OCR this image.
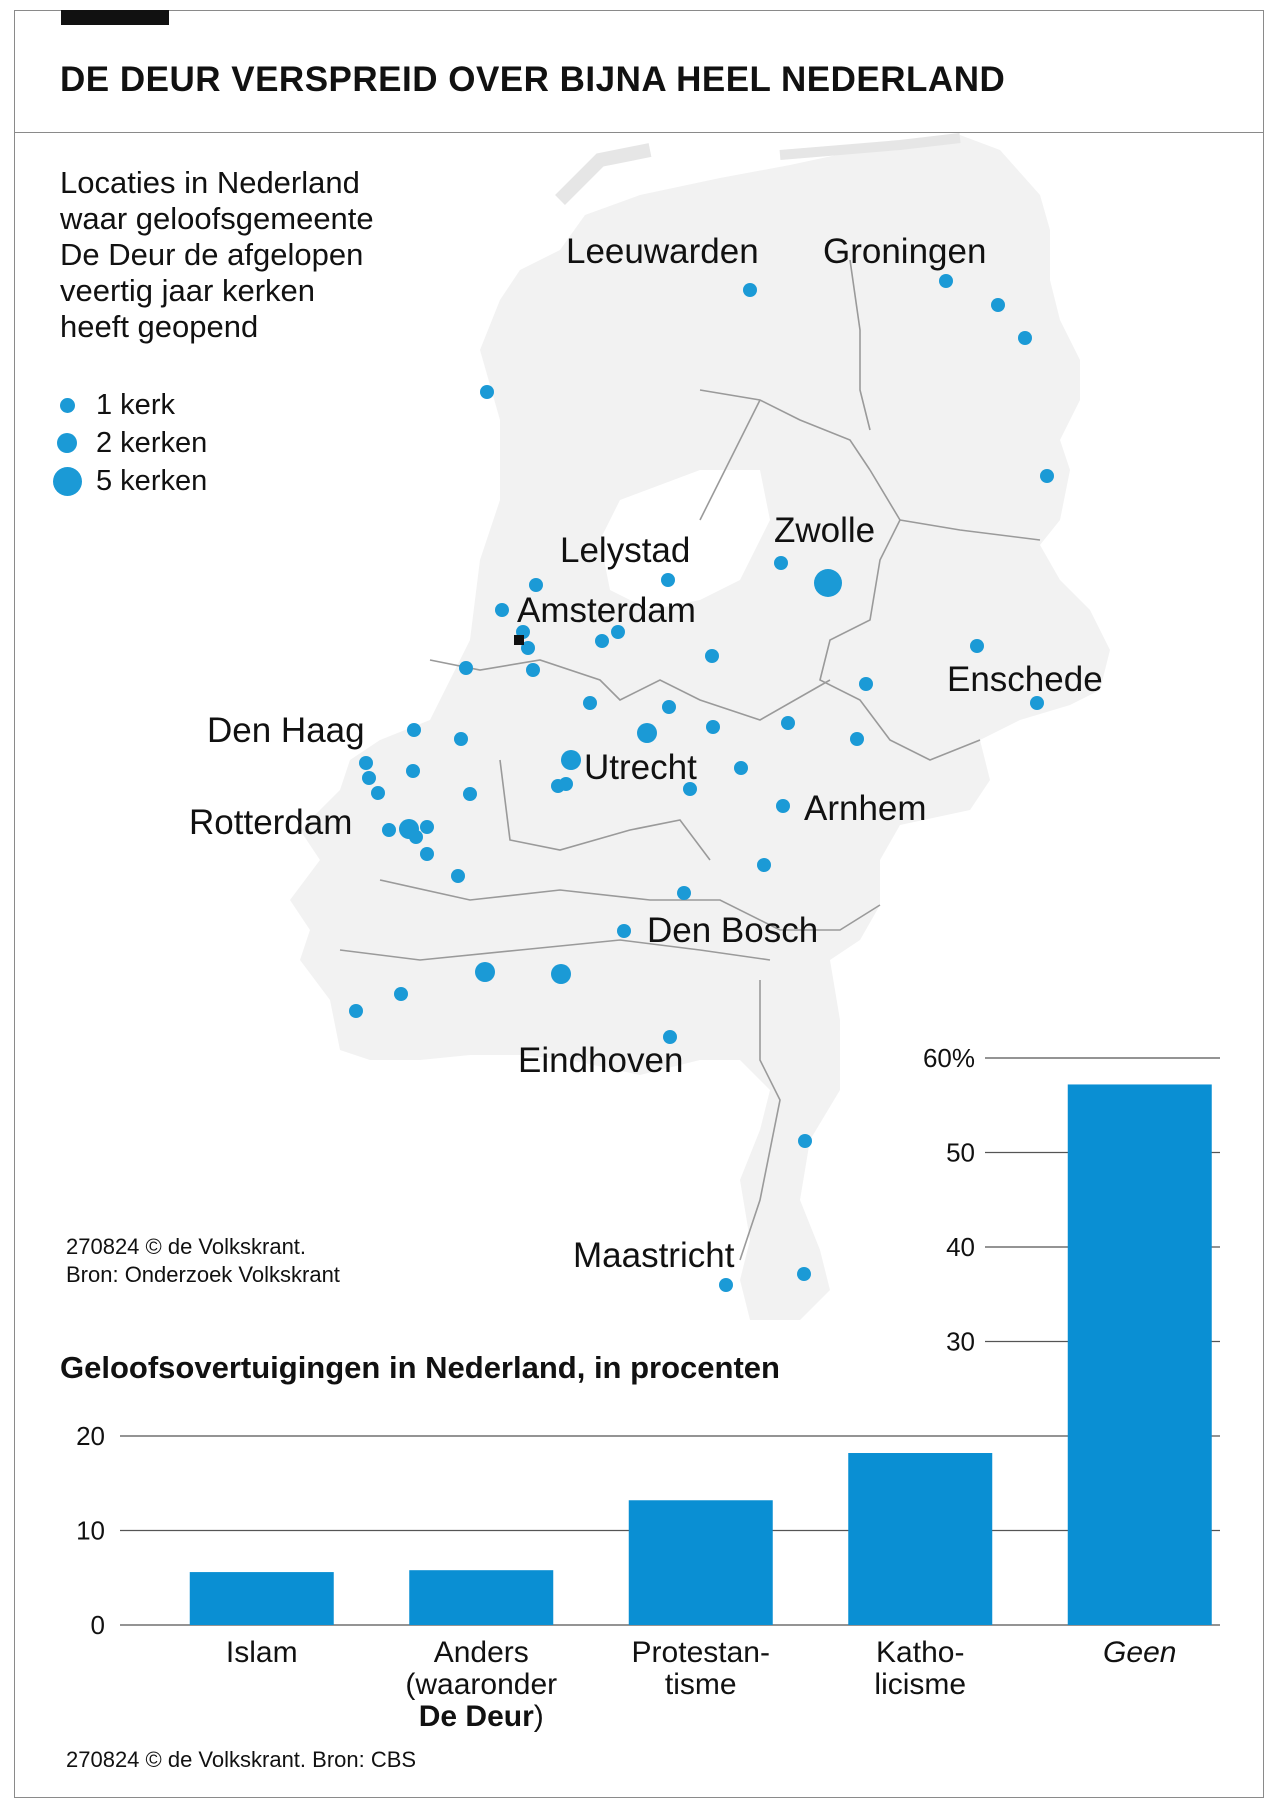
DE DEUR VERSPREID OVER BIJNA HEEL NEDERLAND
Leeuwarden Groningen
Lelystad
Zwolle
Amsterdam
Enschede
Den Haag
Utrecht
Rotterdam	Arnhem
Den Bosch
Eindhoven
Maastricht
Locaties in Nederland
waar geloofsgemeente
De Deur de afgelopen
veertig jaar kerken
heeft geopend
1 kerk
2 kerken
5 kerken
270824 © de Volkskrant.
Bron: Onderzoek Volkskrant
Geloofsovertuigingen in Nederland, in procenten
0
10
20
30
40
50
60%
Islam	Anders
(waaronder
De Deur)
Protestan-
tisme
Katho-
licisme
Geen
270824 © de Volkskrant. Bron: CBS
